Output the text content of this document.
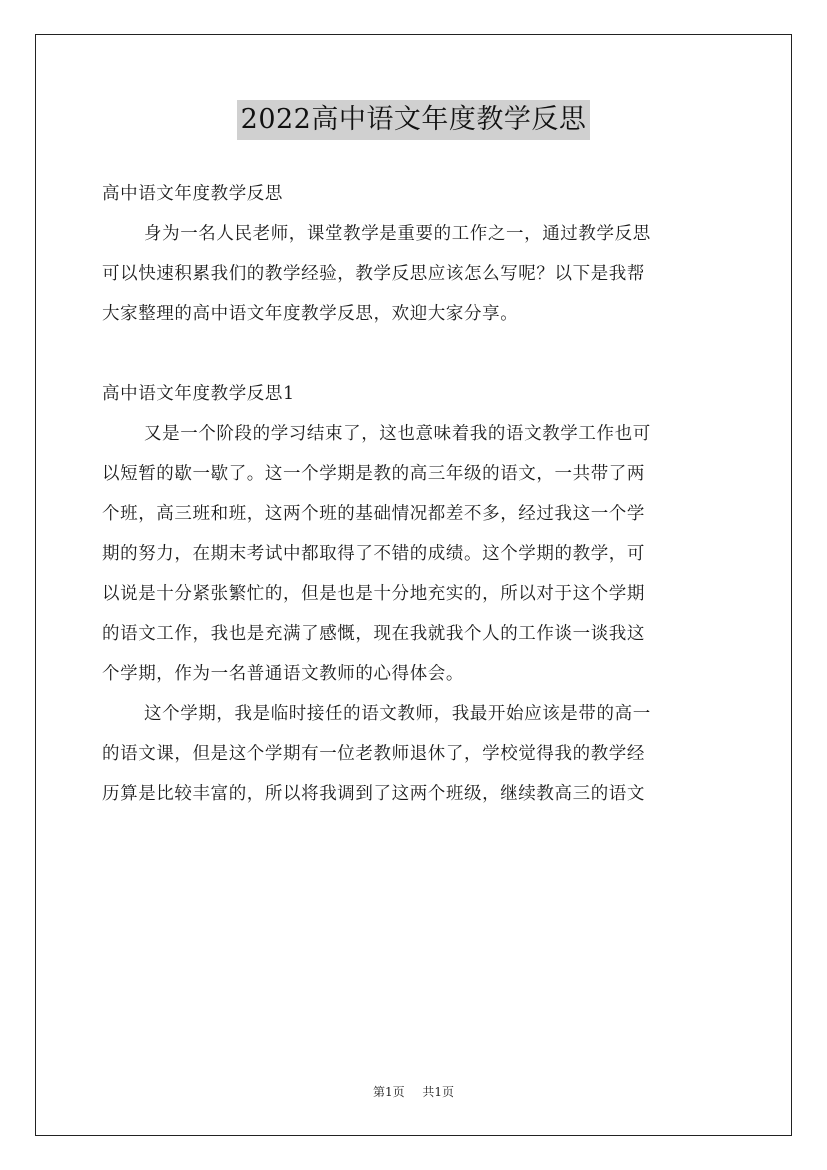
2022高中语文年度教学反思
高中语文年度教学反思
身为一名人民老师，课堂教学是重要的工作之一，通过教学反思
可以快速积累我们的教学经验，教学反思应该怎么写呢？以下是我帮
大家整理的高中语文年度教学反思，欢迎大家分享。
高中语文年度教学反思1
又是一个阶段的学习结束了，这也意味着我的语文教学工作也可
以短暂的歇一歇了。这一个学期是教的高三年级的语文，一共带了两
个班，高三班和班，这两个班的基础情况都差不多，经过我这一个学
期的努力，在期末考试中都取得了不错的成绩。这个学期的教学，可
以说是十分紧张繁忙的，但是也是十分地充实的，所以对于这个学期
的语文工作，我也是充满了感慨，现在我就我个人的工作谈一谈我这
个学期，作为一名普通语文教师的心得体会。
这个学期，我是临时接任的语文教师，我最开始应该是带的高一
的语文课，但是这个学期有一位老教师退休了，学校觉得我的教学经
历算是比较丰富的，所以将我调到了这两个班级，继续教高三的语文
第1页 共1页
